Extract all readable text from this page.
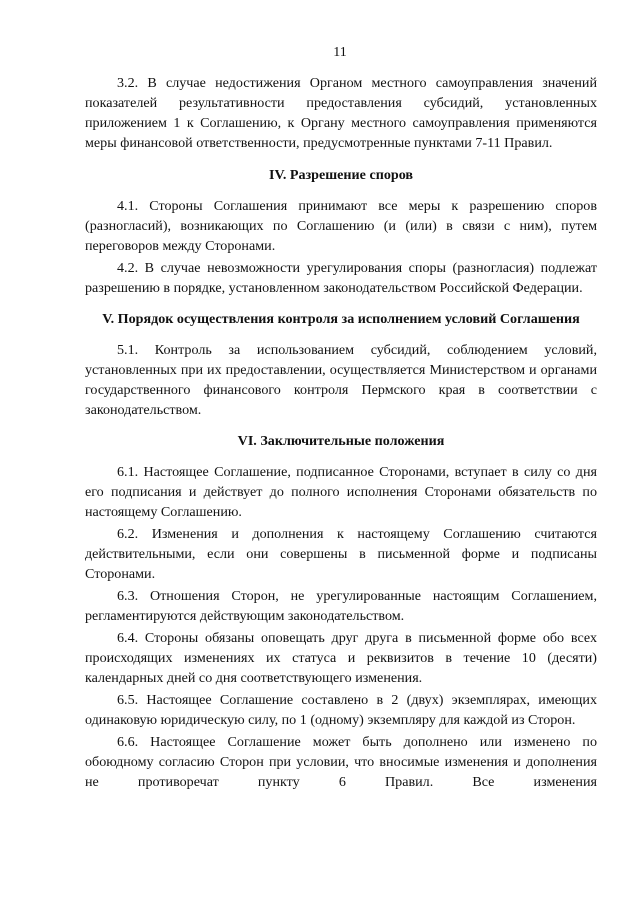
11

3.2. В случае недостижения Органом местного самоуправления значений показателей результативности предоставления субсидий, установленных приложением 1 к Соглашению, к Органу местного самоуправления применяются меры финансовой ответственности, предусмотренные пунктами 7-11 Правил.

IV. Разрешение споров

4.1. Стороны Соглашения принимают все меры к разрешению споров (разногласий), возникающих по Соглашению (и (или) в связи с ним), путем переговоров между Сторонами.

4.2. В случае невозможности урегулирования споры (разногласия) подлежат разрешению в порядке, установленном законодательством Российской Федерации.

V. Порядок осуществления контроля за исполнением условий Соглашения

5.1. Контроль за использованием субсидий, соблюдением условий, установленных при их предоставлении, осуществляется Министерством и органами государственного финансового контроля Пермского края в соответствии с законодательством.

VI. Заключительные положения

6.1. Настоящее Соглашение, подписанное Сторонами, вступает в силу со дня его подписания и действует до полного исполнения Сторонами обязательств по настоящему Соглашению.

6.2. Изменения и дополнения к настоящему Соглашению считаются действительными, если они совершены в письменной форме и подписаны Сторонами.

6.3. Отношения Сторон, не урегулированные настоящим Соглашением, регламентируются действующим законодательством.

6.4. Стороны обязаны оповещать друг друга в письменной форме обо всех происходящих изменениях их статуса и реквизитов в течение 10 (десяти) календарных дней со дня соответствующего изменения.

6.5. Настоящее Соглашение составлено в 2 (двух) экземплярах, имеющих одинаковую юридическую силу, по 1 (одному) экземпляру для каждой из Сторон.

6.6. Настоящее Соглашение может быть дополнено или изменено по обоюдному согласию Сторон при условии, что вносимые изменения и дополнения не противоречат пункту 6 Правил. Все изменения
